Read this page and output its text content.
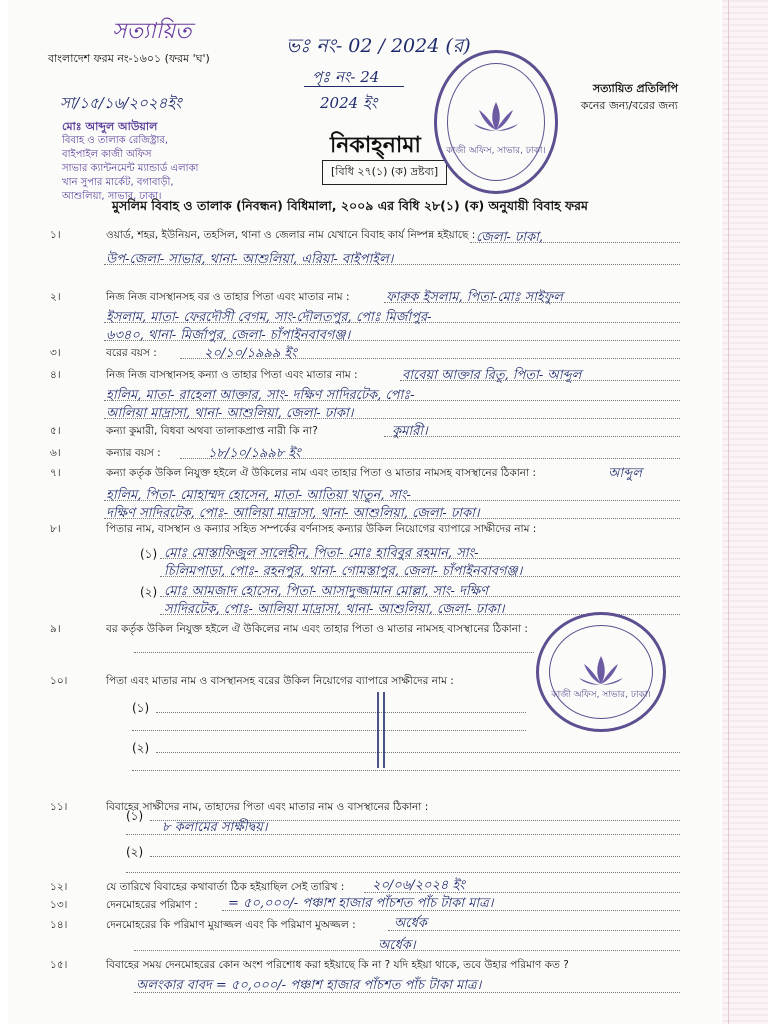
সত্যায়িত
বাংলাদেশ ফরম নং-১৬০১ (ফরম 'ঘ')
সা/১৫/১৬/২০২৪ইং
মোঃ আব্দুল আউয়াল
বিবাহ ও তালাক রেজিষ্ট্রার,
বাইপাইল কাজী অফিস
সাভার ক্যান্টনমেন্ট ম্যান্ডার্ড এলাকা
খান সুপার মার্কেট, বগাবাড়ী,
আশুলিয়া, সাভার, ঢাকা।
ভঃ নং- 02 / 2024 (র)
পৃঃ নং- 24
2024 ইং
নিকাহ্‌নামা
[বিধি ২৭(১) (ক) দ্রষ্টব্য]
কাজী অফিস, সাভার, ঢাকা।
সত্যায়িত প্রতিলিপি
কনের জন্য/বরের জন্য
মুসলিম বিবাহ ও তালাক (নিবন্ধন) বিধিমালা, ২০০৯ এর বিধি ২৮(১) (ক) অনুযায়ী বিবাহ ফরম
১।	ওয়ার্ড, শহর, ইউনিয়ন, তহসিল, থানা ও জেলার নাম যেখানে বিবাহ কার্য নিষ্পন্ন হইয়াছে : জেলা- ঢাকা,
উপ-জেলা- সাভার, থানা- আশুলিয়া, এরিয়া- বাইপাইল।
২।	নিজ নিজ বাসস্থানসহ বর ও তাহার পিতা এবং মাতার নাম :	ফারুক ইসলাম, পিতা-মোঃ সাইফুল
ইসলাম, মাতা- ফেরদৌসী বেগম, সাং-দৌলতপুর, পোঃ মির্জাপুর-
৬৩৪০, থানা- মির্জাপুর, জেলা- চাঁপাইনবাবগঞ্জ।
৩।	বরের বয়স :	২০/১০/১৯৯৯ ইং
৪।	নিজ নিজ বাসস্থানসহ কন্যা ও তাহার পিতা এবং মাতার নাম :	বাবেয়া আক্তার রিতু, পিতা- আব্দুল
হালিম, মাতা- রাহেলা আক্তার, সাং- দক্ষিণ সাদিরটেক, পোঃ-
আলিয়া মাদ্রাসা, থানা- আশুলিয়া, জেলা- ঢাকা।
৫।	কন্যা কুমারী, বিধবা অথবা তালাকপ্রাপ্ত নারী কি না?	কুমারী।
৬।	কন্যার বয়স :	১৮/১০/১৯৯৮ ইং
৭।	কন্যা কর্তৃক উকিল নিযুক্ত হইলে ঐ উকিলের নাম এবং তাহার পিতা ও মাতার নামসহ বাসস্থানের ঠিকানা :	আব্দুল
হালিম, পিতা- মোহাম্মদ হোসেন, মাতা- আতিয়া খাতুন, সাং-
দক্ষিণ সাদিরটেক, পোঃ- আলিয়া মাদ্রাসা, থানা- আশুলিয়া, জেলা- ঢাকা।
৮।	পিতার নাম, বাসস্থান ও কন্যার সহিত সম্পর্কের বর্ণনাসহ কন্যার উকিল নিয়োগের ব্যাপারে সাক্ষীদের নাম :
(১) মোঃ মোস্তাফিজুল সালেহীন, পিতা- মোঃ হাবিবুর রহমান, সাং-
চিলিমপাড়া, পোঃ- রহনপুর, থানা- গোমস্তাপুর, জেলা- চাঁপাইনবাবগঞ্জ।
(২) মোঃ আমজাদ হোসেন, পিতা- আসাদুজ্জামান মোল্লা, সাং- দক্ষিণ
সাদিরটেক, পোঃ- আলিয়া মাদ্রাসা, থানা- আশুলিয়া, জেলা- ঢাকা।
৯।	বর কর্তৃক উকিল নিযুক্ত হইলে ঐ উকিলের নাম এবং তাহার পিতা ও মাতার নামসহ বাসস্থানের ঠিকানা :
কাজী অফিস, সাভার, ঢাকা।
১০।	পিতা এবং মাতার নাম ও বাসস্থানসহ বরের উকিল নিয়োগের ব্যাপারে সাক্ষীদের নাম :
(১)
(২)
১১।	বিবাহের সাক্ষীদের নাম, তাহাদের পিতা এবং মাতার নাম ও বাসস্থানের ঠিকানা :
(১)
৮ কলামের সাক্ষীদ্বয়।
(২)
১২।	যে তারিখে বিবাহের কথাবার্তা ঠিক হইয়াছিল সেই তারিখ :	২০/০৬/২০২৪ ইং
১৩।	দেনমোহরের পরিমাণ :	= ৫০,০০০/- পঞ্চাশ হাজার পাঁচশত পাঁচ টাকা মাত্র।
১৪।	দেনমোহরের কি পরিমাণ মুয়াজ্জল এবং কি পরিমাণ মুঅজ্জল :	অর্ধেক
অর্ধেক।
১৫।	বিবাহের সময় দেনমোহরের কোন অংশ পরিশোধ করা হইয়াছে কি না ? যদি হইয়া থাকে, তবে উহার পরিমাণ কত ?
অলংকার বাবদ = ৫০,০০০/- পঞ্চাশ হাজার পাঁচশত পাঁচ টাকা মাত্র।
